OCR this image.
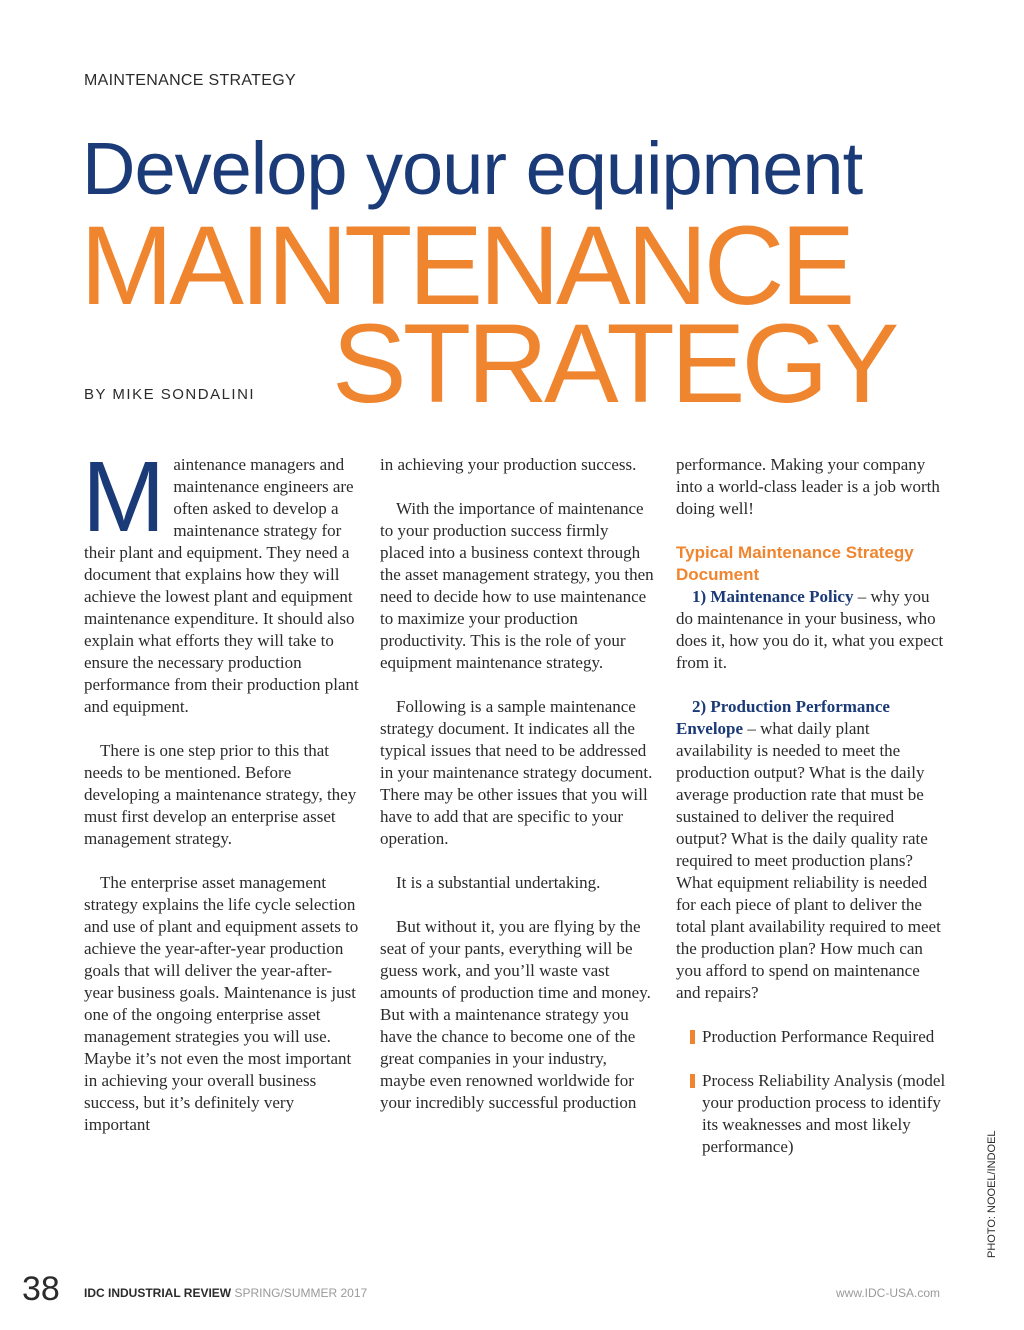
MAINTENANCE STRATEGY
Develop your equipment
MAINTENANCE
STRATEGY
BY MIKE SONDALINI

Maintenance managers and maintenance engineers are often asked to develop a maintenance strategy for their plant and equipment. They need a document that explains how they will achieve the lowest plant and equipment maintenance expenditure. It should also explain what efforts they will take to ensure the necessary production performance from their production plant and equipment.

There is one step prior to this that needs to be mentioned. Before developing a maintenance strategy, they must first develop an enterprise asset management strategy.

The enterprise asset management strategy explains the life cycle selection and use of plant and equipment assets to achieve the year-after-year production goals that will deliver the year-after-year business goals. Maintenance is just one of the ongoing enterprise asset management strategies you will use. Maybe it’s not even the most important in achieving your overall business success, but it’s definitely very important

in achieving your production success.

With the importance of maintenance to your production success firmly placed into a business context through the asset management strategy, you then need to decide how to use maintenance to maximize your production productivity. This is the role of your equipment maintenance strategy.

Following is a sample maintenance strategy document. It indicates all the typical issues that need to be addressed in your maintenance strategy document. There may be other issues that you will have to add that are specific to your operation.

It is a substantial undertaking.

But without it, you are flying by the seat of your pants, everything will be guess work, and you’ll waste vast amounts of production time and money. But with a maintenance strategy you have the chance to become one of the great companies in your industry, maybe even renowned worldwide for your incredibly successful production

performance. Making your company into a world-class leader is a job worth doing well!

Typical Maintenance Strategy Document

1) Maintenance Policy – why you do maintenance in your business, who does it, how you do it, what you expect from it.

2) Production Performance Envelope – what daily plant availability is needed to meet the production output? What is the daily average production rate that must be sustained to deliver the required output? What is the daily quality rate required to meet production plans? What equipment reliability is needed for each piece of plant to deliver the total plant availability required to meet the production plan? How much can you afford to spend on maintenance and repairs?

Production Performance Required
Process Reliability Analysis (model your production process to identify its weaknesses and most likely performance)	PHOTO: NOOEL/INDOEL
38 IDC INDUSTRIAL REVIEW SPRING/SUMMER 2017	www.IDC-USA.com
